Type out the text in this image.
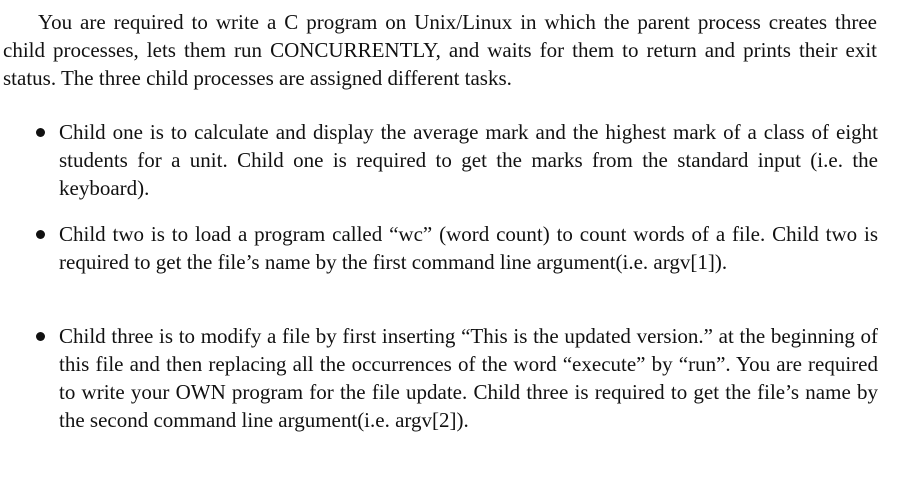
You are required to write a C program on Unix/Linux in which the parent process creates three child processes, lets them run CONCURRENTLY, and waits for them to return and prints their exit status. The three child processes are assigned different tasks.

Child one is to calculate and display the average mark and the highest mark of a class of eight students for a unit. Child one is required to get the marks from the standard input (i.e. the keyboard).

Child two is to load a program called “wc” (word count) to count words of a file. Child two is required to get the file’s name by the first command line argument(i.e. argv[1]).

Child three is to modify a file by first inserting “This is the updated version.” at the beginning of this file and then replacing all the occurrences of the word “execute” by “run”. You are required to write your OWN program for the file update. Child three is required to get the file’s name by the second command line argument(i.e. argv[2]).
